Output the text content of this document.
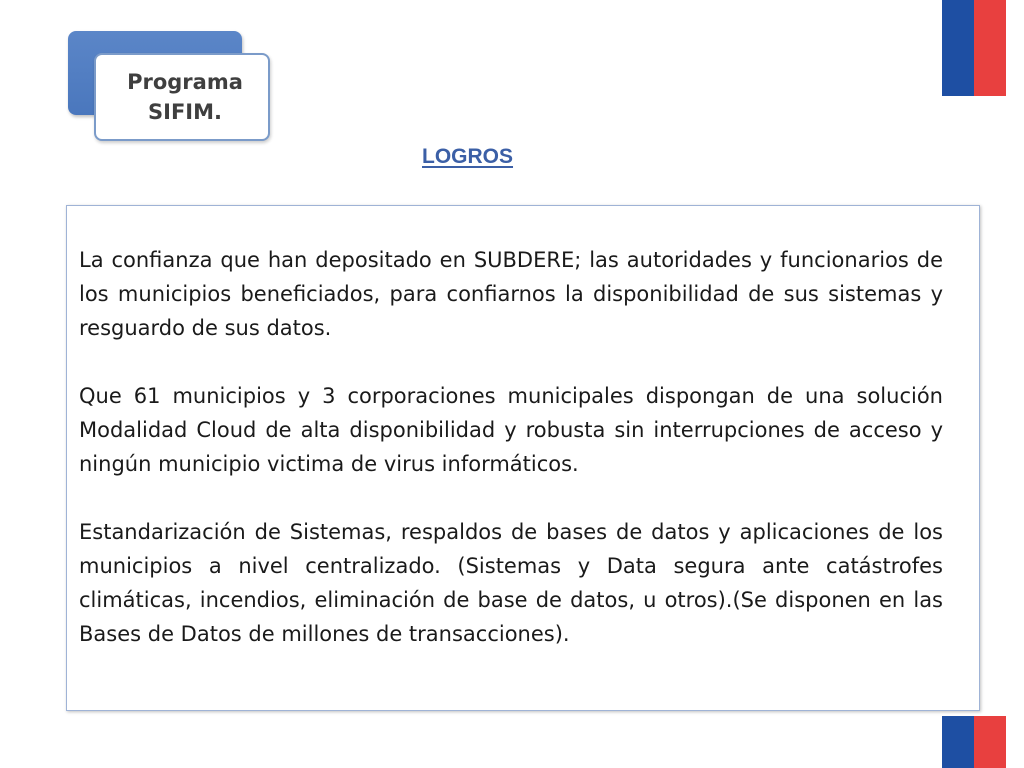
Programa
SIFIM.
LOGROS

La confianza que han depositado en SUBDERE; las autoridades y funcionarios de los municipios beneficiados, para confiarnos la disponibilidad de sus sistemas y resguardo de sus datos.

Que 61 municipios y 3 corporaciones municipales dispongan de una solución Modalidad Cloud de alta disponibilidad y robusta sin interrupciones de acceso y ningún municipio victima de virus informáticos.

Estandarización de Sistemas, respaldos de bases de datos y aplicaciones de los municipios a nivel centralizado. (Sistemas y Data segura ante catástrofes climáticas, incendios, eliminación de base de datos, u otros).(Se disponen en las Bases de Datos de millones de transacciones).
